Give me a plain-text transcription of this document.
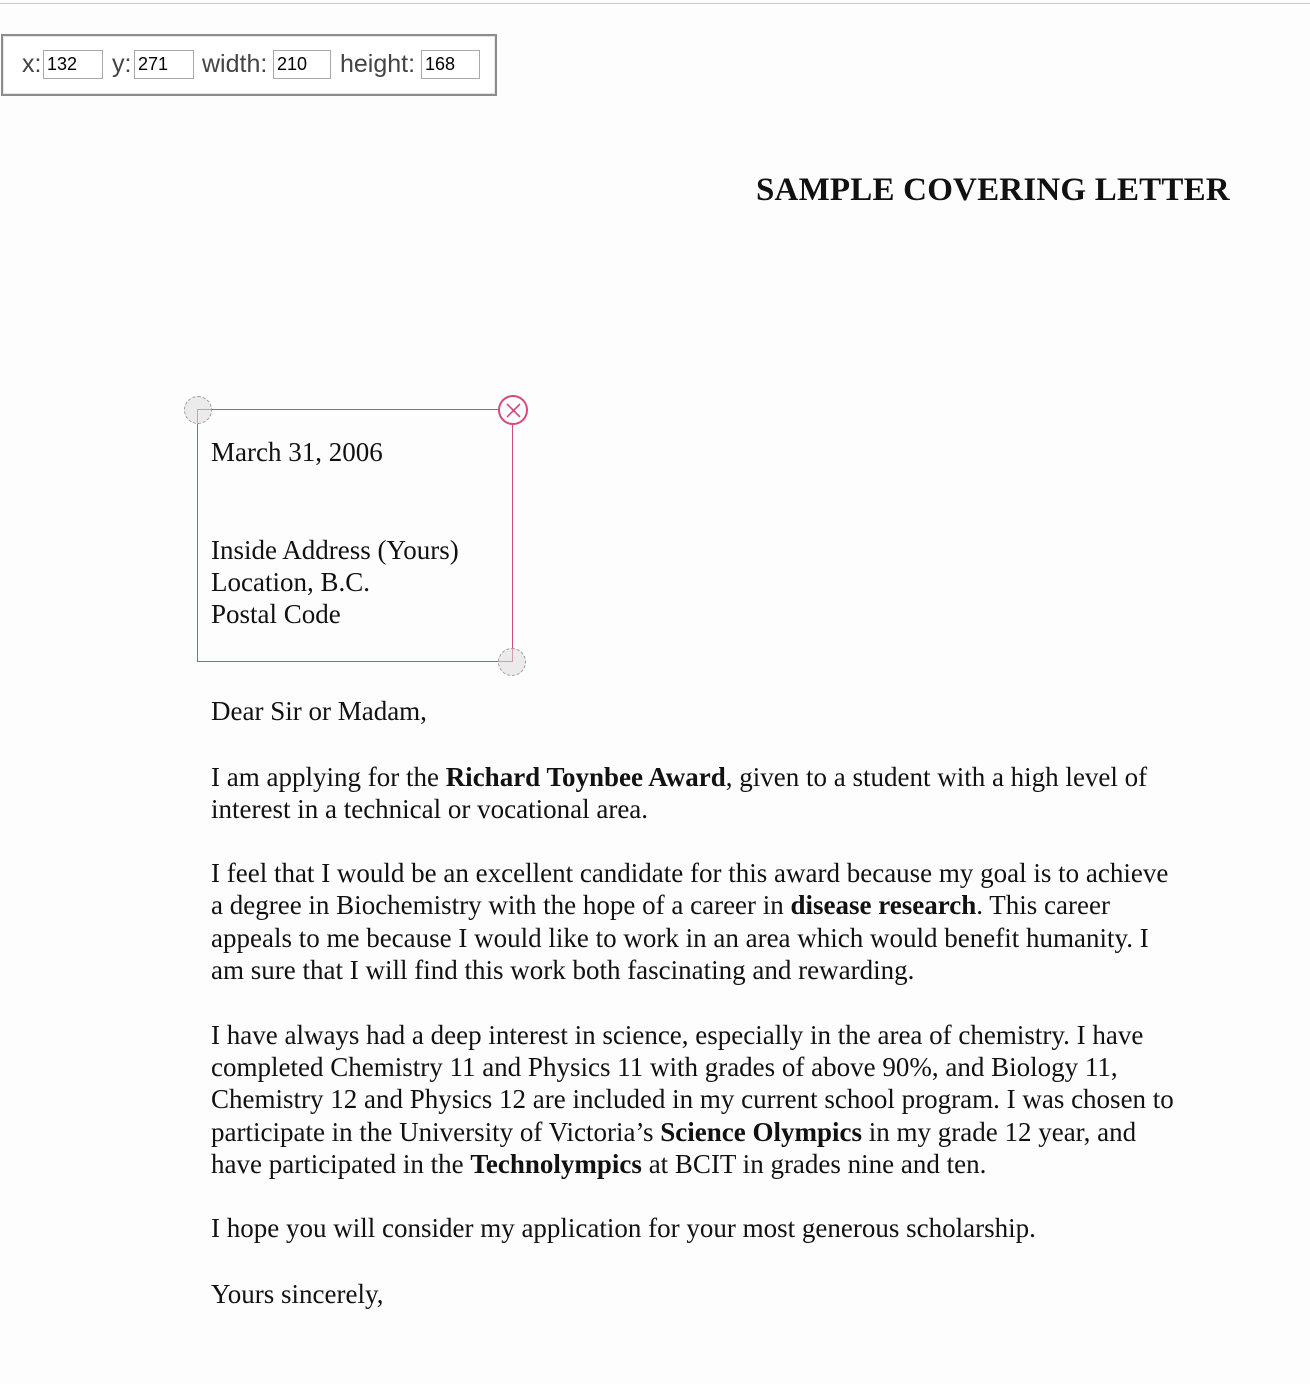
x:
132	y:
271	width:
210	height:
168
SAMPLE COVERING LETTER
March 31, 2006
Inside Address (Yours)
Location, B.C.
Postal Code
Dear Sir or Madam,
I am applying for the Richard Toynbee Award, given to a student with a high level of
interest in a technical or vocational area.
I feel that I would be an excellent candidate for this award because my goal is to achieve
a degree in Biochemistry with the hope of a career in disease research. This career
appeals to me because I would like to work in an area which would benefit humanity. I
am sure that I will find this work both fascinating and rewarding.
I have always had a deep interest in science, especially in the area of chemistry. I have
completed Chemistry 11 and Physics 11 with grades of above 90%, and Biology 11,
Chemistry 12 and Physics 12 are included in my current school program. I was chosen to
participate in the University of Victoria’s Science Olympics in my grade 12 year, and
have participated in the Technolympics at BCIT in grades nine and ten.
I hope you will consider my application for your most generous scholarship.
Yours sincerely,
